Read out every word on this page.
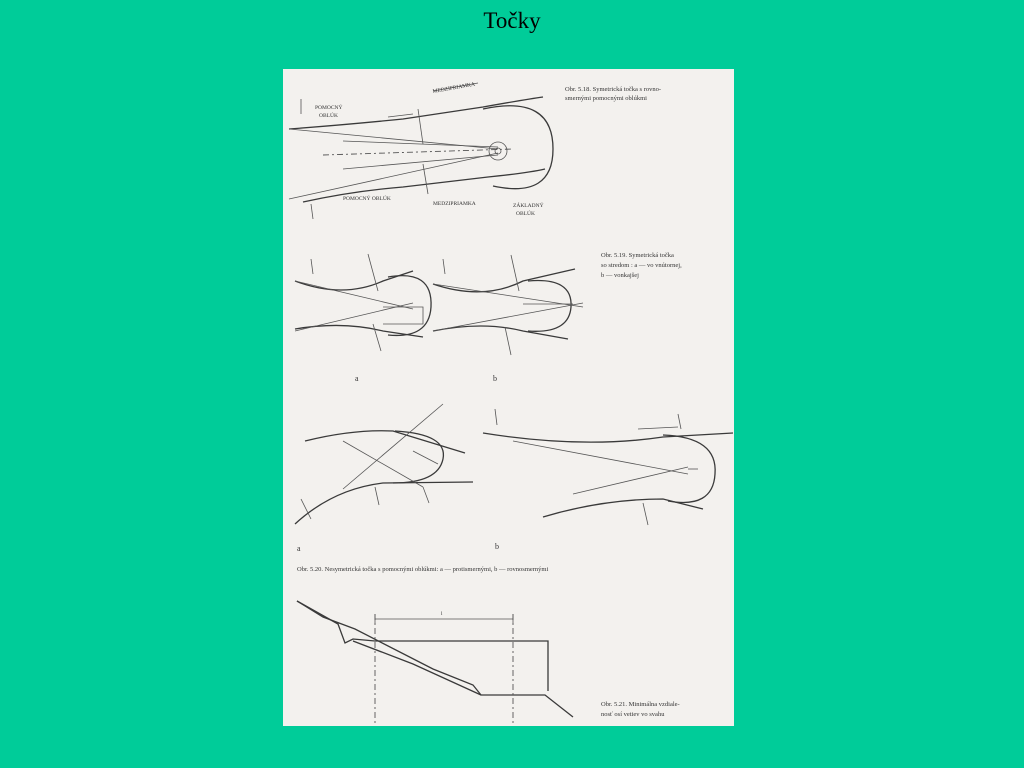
Točky
POMOCNÝ
OBLÚK
MEDZIPRIAMKA
POMOCNÝ OBLÚK
MEDZIPRIAMKA	ZÁKLADNÝ
OBLÚK
Obr. 5.18. Symetrická točka s rovno-
smernými pomocnými oblúkmi
a	b
Obr. 5.19. Symetrická točka
so stredom : a — vo vnútornej,
b — vonkajšej
a	b
Obr. 5.20. Nesymetrická točka s pomocnými oblúkmi: a — protismernými, b — rovnosmernými
l
Obr. 5.21. Minimálna vzdiale-
nosť osí vetiev vo svahu
